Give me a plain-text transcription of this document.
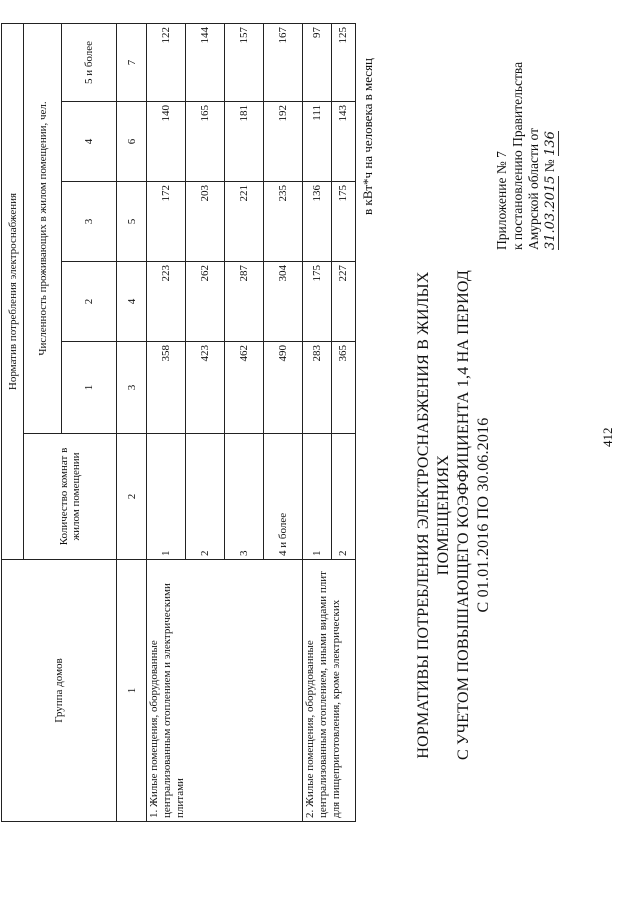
412
Приложение № 7 к постановлению Правительства Амурской области от 31.03.2015 № 136
НОРМАТИВЫ ПОТРЕБЛЕНИЯ ЭЛЕКТРОСНАБЖЕНИЯ В ЖИЛЫХ ПОМЕЩЕНИЯХ С УЧЕТОМ ПОВЫШАЮЩЕГО КОЭФФИЦИЕНТА 1,4 НА ПЕРИОД С 01.01.2016 ПО 30.06.2016
в кВт*ч на человека в месяц
Группа домов	Норматив потребления электроснабжения					
	Количество комнат в жилом помещении	Численность проживающих в жилом помещении, чел.				
		1	2	3	4	5 и более
1	2	3	4	5	6	7
1. Жилые помещения, оборудованные централизованным отоплением и электрическими плитами	1	358	223	172	140	122
	2	423	262	203	165	144
	3	462	287	221	181	157
	4 и более	490	304	235	192	167
2. Жилые помещения, оборудованные централизованным отоплением, иными видами плит для пищеприготовления, кроме электрических	1	283	175	136	111	97
	2	365	227	175	143	125
